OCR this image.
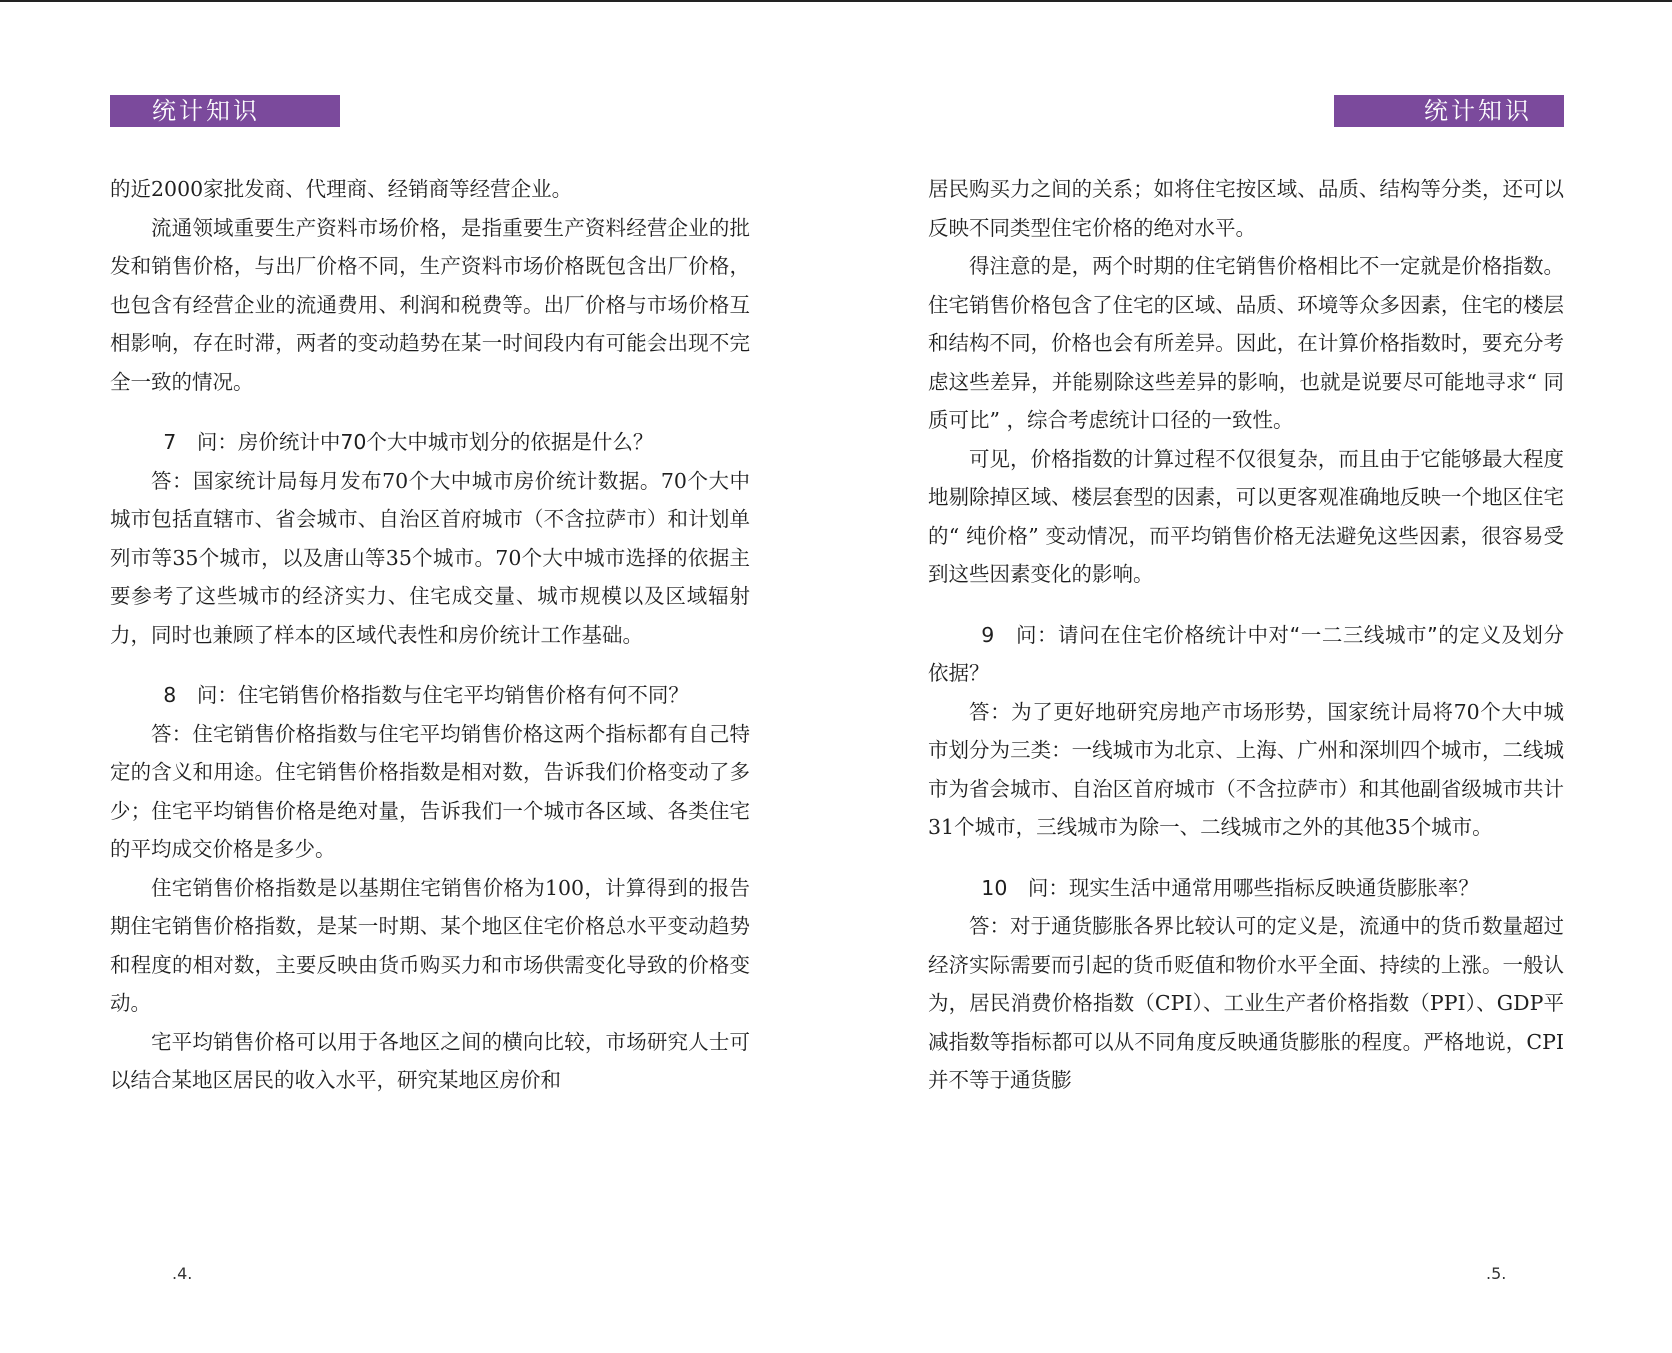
统计知识

的近2000家批发商、代理商、经销商等经营企业。

流通领域重要生产资料市场价格，是指重要生产资料经营企业的批发和销售价格，与出厂价格不同，生产资料市场价格既包含出厂价格，也包含有经营企业的流通费用、利润和税费等。出厂价格与市场价格互相影响，存在时滞，两者的变动趋势在某一时间段内有可能会出现不完全一致的情况。

7　问：房价统计中70个大中城市划分的依据是什么？

答：国家统计局每月发布70个大中城市房价统计数据。70个大中城市包括直辖市、省会城市、自治区首府城市（不含拉萨市）和计划单列市等35个城市，以及唐山等35个城市。70个大中城市选择的依据主要参考了这些城市的经济实力、住宅成交量、城市规模以及区域辐射力，同时也兼顾了样本的区域代表性和房价统计工作基础。

8　问：住宅销售价格指数与住宅平均销售价格有何不同？

答：住宅销售价格指数与住宅平均销售价格这两个指标都有自己特定的含义和用途。住宅销售价格指数是相对数，告诉我们价格变动了多少；住宅平均销售价格是绝对量，告诉我们一个城市各区域、各类住宅的平均成交价格是多少。

住宅销售价格指数是以基期住宅销售价格为100，计算得到的报告期住宅销售价格指数，是某一时期、某个地区住宅价格总水平变动趋势和程度的相对数，主要反映由货币购买力和市场供需变化导致的价格变动。

宅平均销售价格可以用于各地区之间的横向比较，市场研究人士可以结合某地区居民的收入水平，研究某地区房价和

.4.
统计知识

居民购买力之间的关系；如将住宅按区域、品质、结构等分类，还可以反映不同类型住宅价格的绝对水平。

得注意的是，两个时期的住宅销售价格相比不一定就是价格指数。住宅销售价格包含了住宅的区域、品质、环境等众多因素，住宅的楼层和结构不同，价格也会有所差异。因此，在计算价格指数时，要充分考虑这些差异，并能剔除这些差异的影响，也就是说要尽可能地寻求“ 同质可比” ，综合考虑统计口径的一致性。

可见，价格指数的计算过程不仅很复杂，而且由于它能够最大程度地剔除掉区域、楼层套型的因素，可以更客观准确地反映一个地区住宅的“ 纯价格” 变动情况，而平均销售价格无法避免这些因素，很容易受到这些因素变化的影响。

9　问：请问在住宅价格统计中对“一二三线城市”的定义及划分依据？

答：为了更好地研究房地产市场形势，国家统计局将70个大中城市划分为三类：一线城市为北京、上海、广州和深圳四个城市，二线城市为省会城市、自治区首府城市（不含拉萨市）和其他副省级城市共计31个城市，三线城市为除一、二线城市之外的其他35个城市。

10　问：现实生活中通常用哪些指标反映通货膨胀率？

答：对于通货膨胀各界比较认可的定义是，流通中的货币数量超过经济实际需要而引起的货币贬值和物价水平全面、持续的上涨。一般认为，居民消费价格指数（CPI）、工业生产者价格指数（PPI）、GDP平减指数等指标都可以从不同角度反映通货膨胀的程度。严格地说，CPI并不等于通货膨

.5.
